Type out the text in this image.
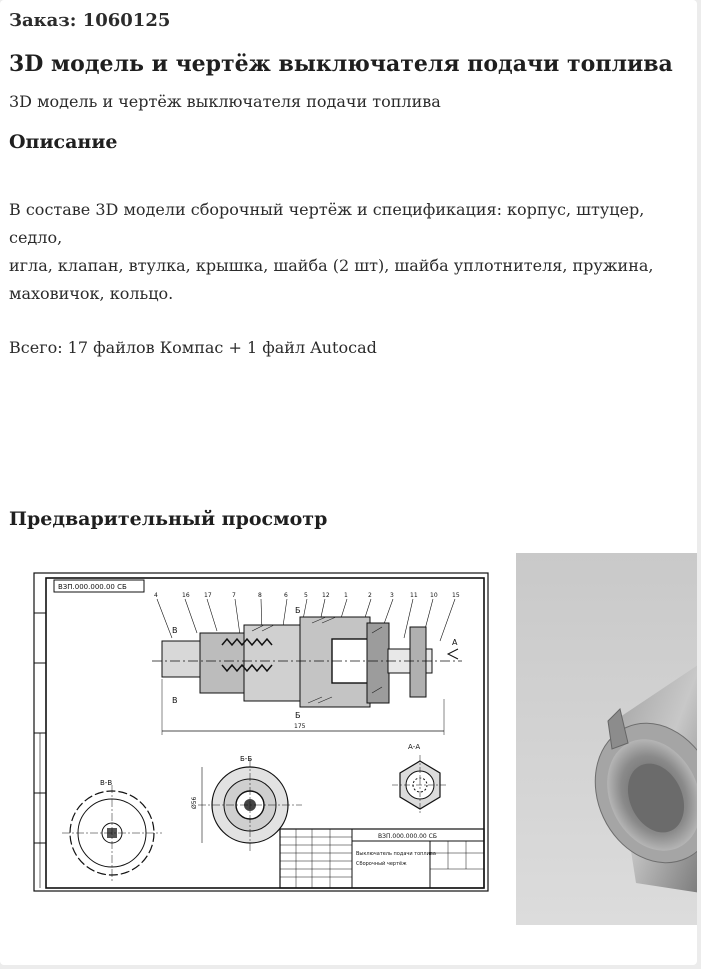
Заказ: 1060125
3D модель и чертёж выключателя подачи топлива
3D модель и чертёж выключателя подачи топлива
Описание

В составе 3D модели сборочный чертёж и спецификация: корпус, штуцер, седло,

игла, клапан, втулка, крышка, шайба (2 шт), шайба уплотнителя, пружина, маховичок, кольцо.

Всего: 17 файлов Компас + 1 файл Autocad
Предварительный просмотр
ВЗП.000.000.00 СБ
4	16 17	7	8	6	5 12 1	2	3	11 10 15
В
В
Б
Б
А
175
В-В
Б-Б
Ø56
А-А
ВЗП.000.000.00 СБ
Выключатель подачи топлива
Сборочный чертёж
